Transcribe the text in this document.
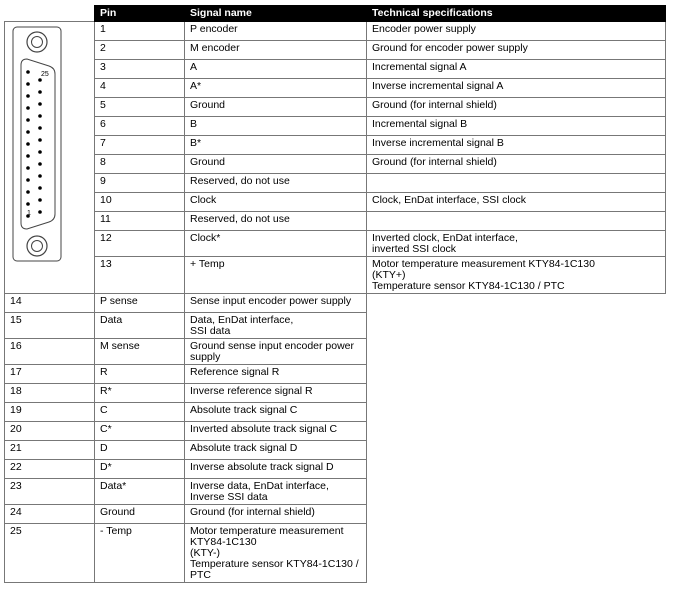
	Pin	Signal name	Technical specifications

25
1	1	P encoder	Encoder power supply
	2	M encoder	Ground for encoder power supply
	3	A	Incremental signal A
	4	A*	Inverse incremental signal A
	5	Ground	Ground (for internal shield)
	6	B	Incremental signal B
	7	B*	Inverse incremental signal B
	8	Ground	Ground (for internal shield)
	9	Reserved, do not use	
	10	Clock	Clock, EnDat interface, SSI clock
	11	Reserved, do not use	
	12	Clock*	Inverted clock, EnDat interface,
inverted SSI clock
	13	+ Temp	Motor temperature measurement KTY84-1C130
(KTY+)
Temperature sensor KTY84-1C130 / PTC
14	P sense	Sense input encoder power supply	
15	Data	Data, EnDat interface,
SSI data	
16	M sense	Ground sense input encoder power supply	
17	R	Reference signal R	
18	R*	Inverse reference signal R	
19	C	Absolute track signal C	
20	C*	Inverted absolute track signal C	
21	D	Absolute track signal D	
22	D*	Inverse absolute track signal D	
23	Data*	Inverse data, EnDat interface,
Inverse SSI data	
24	Ground	Ground (for internal shield)	
25	- Temp	Motor temperature measurement KTY84-1C130
(KTY-)
Temperature sensor KTY84-1C130 / PTC	
